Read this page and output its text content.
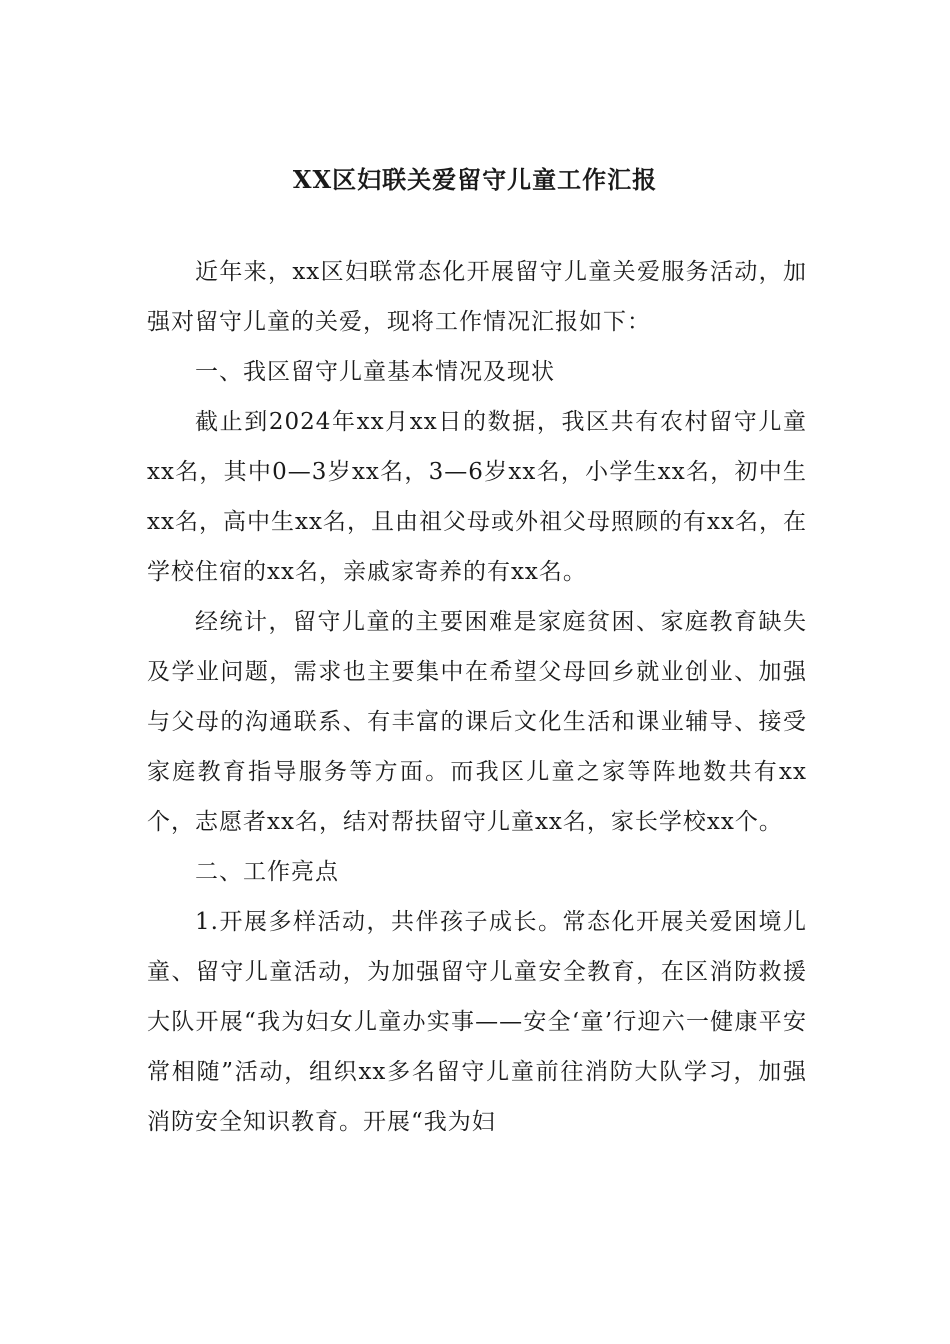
XX区妇联关爱留守儿童工作汇报

近年来，xx区妇联常态化开展留守儿童关爱服务活动，加强对留守儿童的关爱，现将工作情况汇报如下：

一、我区留守儿童基本情况及现状

截止到2024年xx月xx日的数据，我区共有农村留守儿童xx名，其中0—3岁xx名，3—6岁xx名，小学生xx名，初中生xx名，高中生xx名，且由祖父母或外祖父母照顾的有xx名，在学校住宿的xx名，亲戚家寄养的有xx名。

经统计，留守儿童的主要困难是家庭贫困、家庭教育缺失及学业问题，需求也主要集中在希望父母回乡就业创业、加强与父母的沟通联系、有丰富的课后文化生活和课业辅导、接受家庭教育指导服务等方面。而我区儿童之家等阵地数共有xx个，志愿者xx名，结对帮扶留守儿童xx名，家长学校xx个。

二、工作亮点

1.开展多样活动，共伴孩子成长。常态化开展关爱困境儿童、留守儿童活动，为加强留守儿童安全教育，在区消防救援大队开展“我为妇女儿童办实事——安全‘童’行迎六一健康平安常相随”活动，组织xx多名留守儿童前往消防大队学习，加强消防安全知识教育。开展“我为妇
